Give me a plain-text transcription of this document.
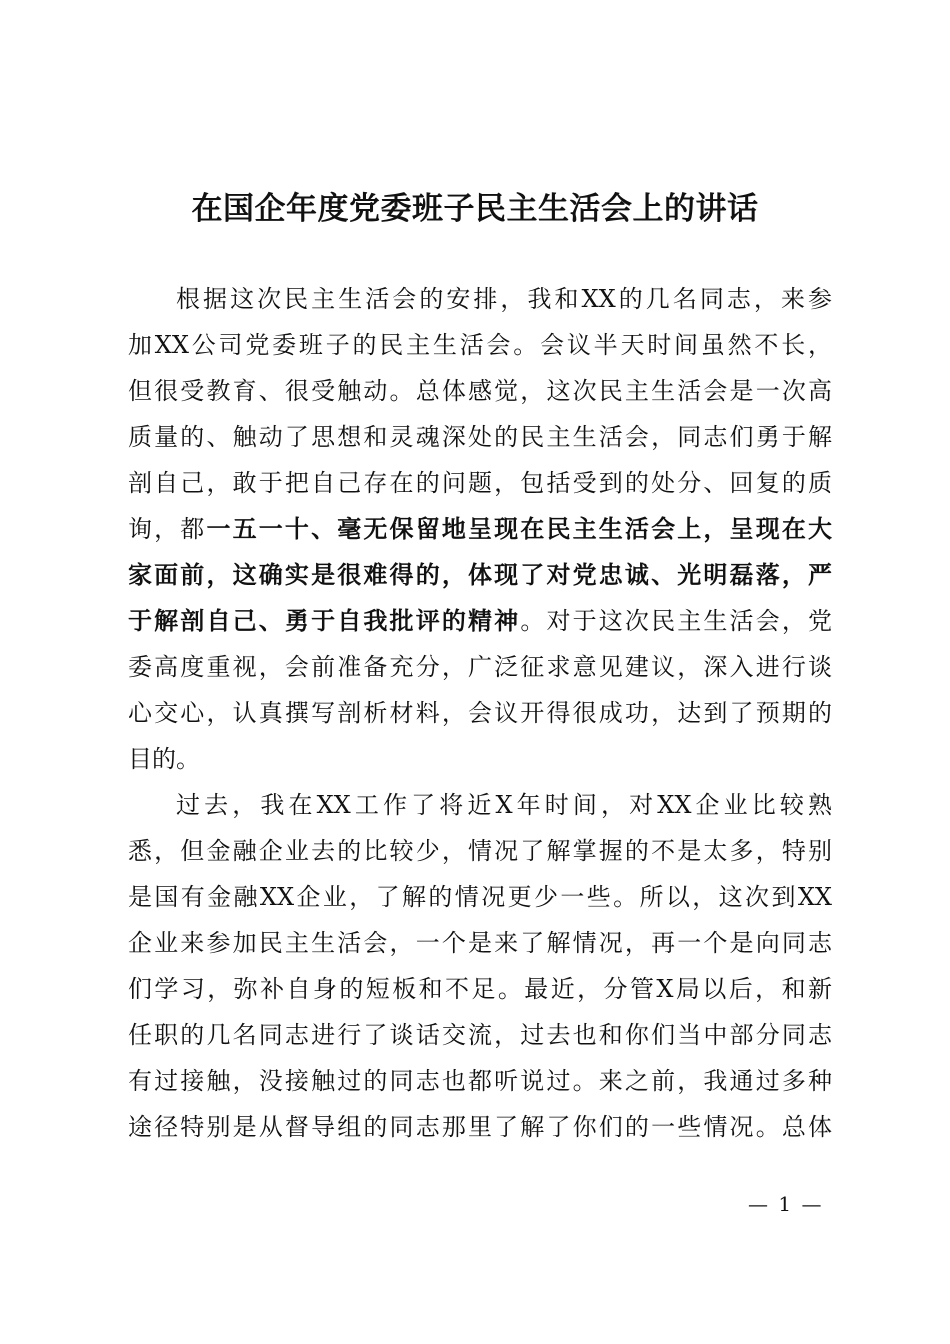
在国企年度党委班子民主生活会上的讲话
根据这次民主生活会的安排，我和XX的几名同志，来参
加XX公司党委班子的民主生活会。会议半天时间虽然不长，
但很受教育、很受触动。总体感觉，这次民主生活会是一次高
质量的、触动了思想和灵魂深处的民主生活会，同志们勇于解
剖自己，敢于把自己存在的问题，包括受到的处分、回复的质
询，都一五一十、毫无保留地呈现在民主生活会上，呈现在大
家面前，这确实是很难得的，体现了对党忠诚、光明磊落，严
于解剖自己、勇于自我批评的精神。对于这次民主生活会，党
委高度重视，会前准备充分，广泛征求意见建议，深入进行谈
心交心，认真撰写剖析材料，会议开得很成功，达到了预期的
目的。
过去，我在XX工作了将近X年时间，对XX企业比较熟
悉，但金融企业去的比较少，情况了解掌握的不是太多，特别
是国有金融XX企业，了解的情况更少一些。所以，这次到XX
企业来参加民主生活会，一个是来了解情况，再一个是向同志
们学习，弥补自身的短板和不足。最近，分管X局以后，和新
任职的几名同志进行了谈话交流，过去也和你们当中部分同志
有过接触，没接触过的同志也都听说过。来之前，我通过多种
途径特别是从督导组的同志那里了解了你们的一些情况。总体
— 1 —
